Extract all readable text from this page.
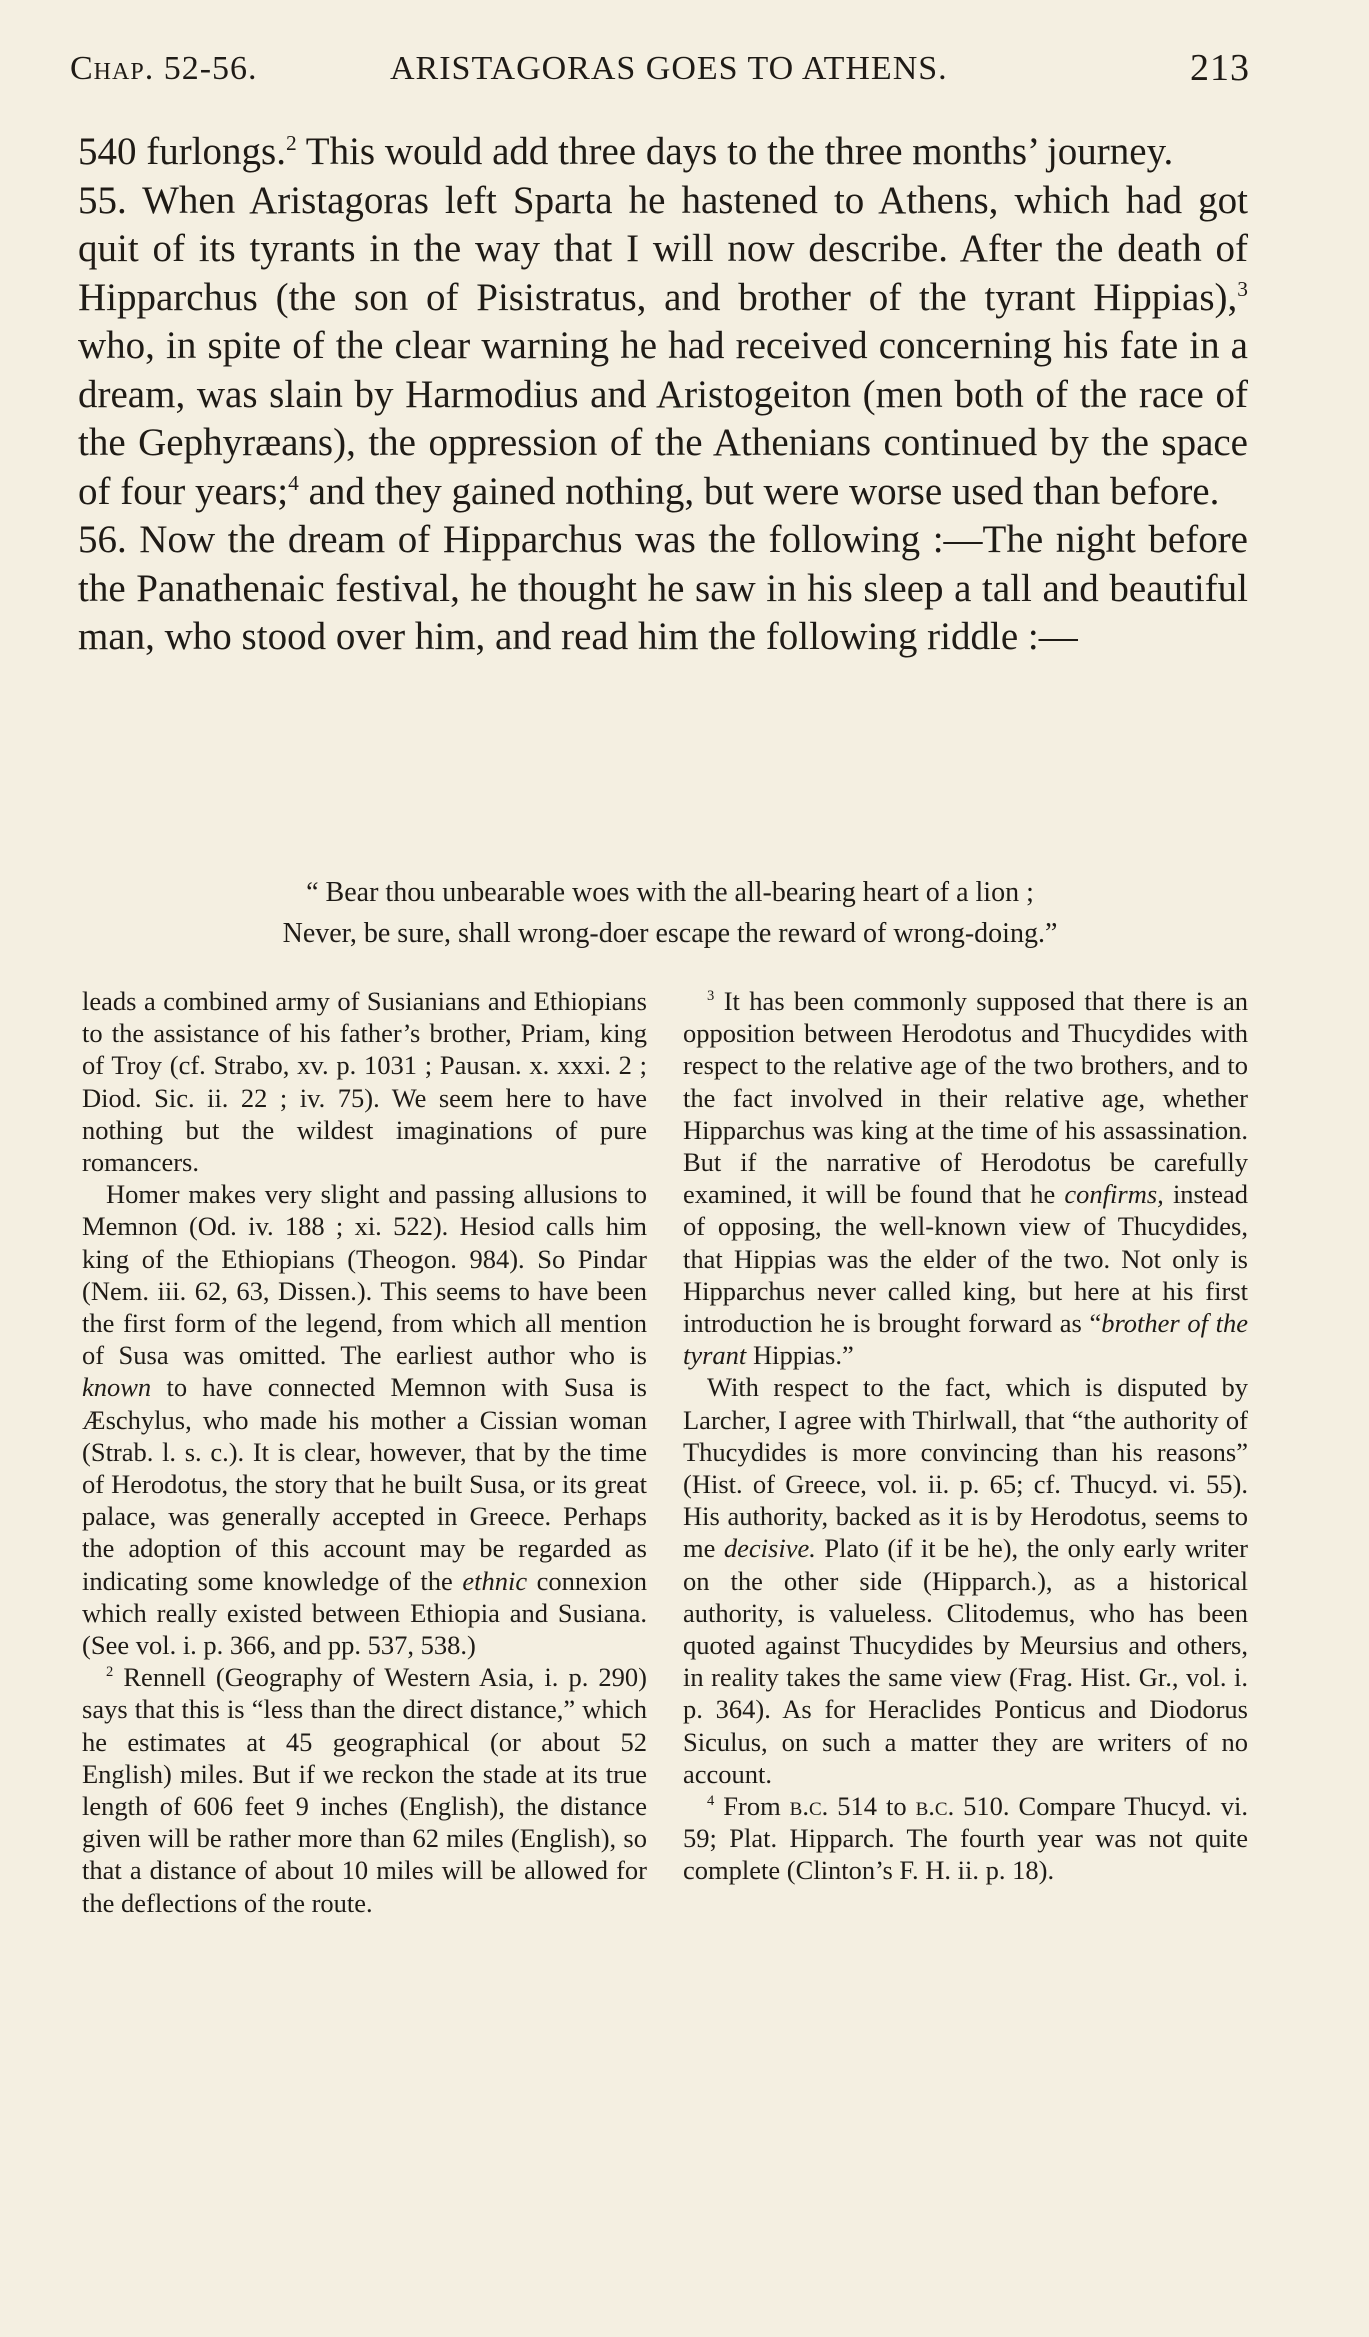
Chap. 52-56.	ARISTAGORAS GOES TO ATHENS.	213

540 furlongs.$^2$ This would add three days to the three months’ journey.

55. When Aristagoras left Sparta he hastened to Athens, which had got quit of its tyrants in the way that I will now describe. After the death of Hipparchus (the son of Pisistratus, and brother of the tyrant Hippias),$^3$ who, in spite of the clear warning he had received concerning his fate in a dream, was slain by Harmodius and Aristogeiton (men both of the race of the Gephyræans), the oppression of the Athenians continued by the space of four years;$^4$ and they gained nothing, but were worse used than before.

56. Now the dream of Hipparchus was the following :—The night before the Panathenaic festival, he thought he saw in his sleep a tall and beautiful man, who stood over him, and read him the following riddle :—

“ Bear thou unbearable woes with the all-bearing heart of a lion ;
Never, be sure, shall wrong-doer escape the reward of wrong-doing.”

leads a combined army of Susianians and Ethiopians to the assistance of his father’s brother, Priam, king of Troy (cf. Strabo, xv. p. 1031 ; Pausan. x. xxxi. 2 ; Diod. Sic. ii. 22 ; iv. 75). We seem here to have nothing but the wildest imaginations of pure romancers.

Homer makes very slight and passing allusions to Memnon (Od. iv. 188 ; xi. 522). Hesiod calls him king of the Ethiopians (Theogon. 984). So Pindar (Nem. iii. 62, 63, Dissen.). This seems to have been the first form of the legend, from which all mention of Susa was omitted. The earliest author who is known to have connected Memnon with Susa is Æschylus, who made his mother a Cissian woman (Strab. l. s. c.). It is clear, however, that by the time of Herodotus, the story that he built Susa, or its great palace, was generally accepted in Greece. Perhaps the adoption of this account may be regarded as indicating some knowledge of the ethnic connexion which really existed between Ethiopia and Susiana. (See vol. i. p. 366, and pp. 537, 538.)

$^2$ Rennell (Geography of Western Asia, i. p. 290) says that this is “less than the direct distance,” which he estimates at 45 geographical (or about 52 English) miles. But if we reckon the stade at its true length of 606 feet 9 inches (English), the distance given will be rather more than 62 miles (English), so that a distance of about 10 miles will be allowed for the deflections of the route.

$^3$ It has been commonly supposed that there is an opposition between Herodotus and Thucydides with respect to the relative age of the two brothers, and to the fact involved in their relative age, whether Hipparchus was king at the time of his assassination. But if the narrative of Herodotus be carefully examined, it will be found that he confirms, instead of opposing, the well-known view of Thucydides, that Hippias was the elder of the two. Not only is Hipparchus never called king, but here at his first introduction he is brought forward as “brother of the tyrant Hippias.”

With respect to the fact, which is disputed by Larcher, I agree with Thirlwall, that “the authority of Thucydides is more convincing than his reasons” (Hist. of Greece, vol. ii. p. 65; cf. Thucyd. vi. 55). His authority, backed as it is by Herodotus, seems to me decisive. Plato (if it be he), the only early writer on the other side (Hipparch.), as a historical authority, is valueless. Clitodemus, who has been quoted against Thucydides by Meursius and others, in reality takes the same view (Frag. Hist. Gr., vol. i. p. 364). As for Heraclides Ponticus and Diodorus Siculus, on such a matter they are writers of no account.

$^4$ From b.c. 514 to b.c. 510. Compare Thucyd. vi. 59; Plat. Hipparch. The fourth year was not quite complete (Clinton’s F. H. ii. p. 18).
